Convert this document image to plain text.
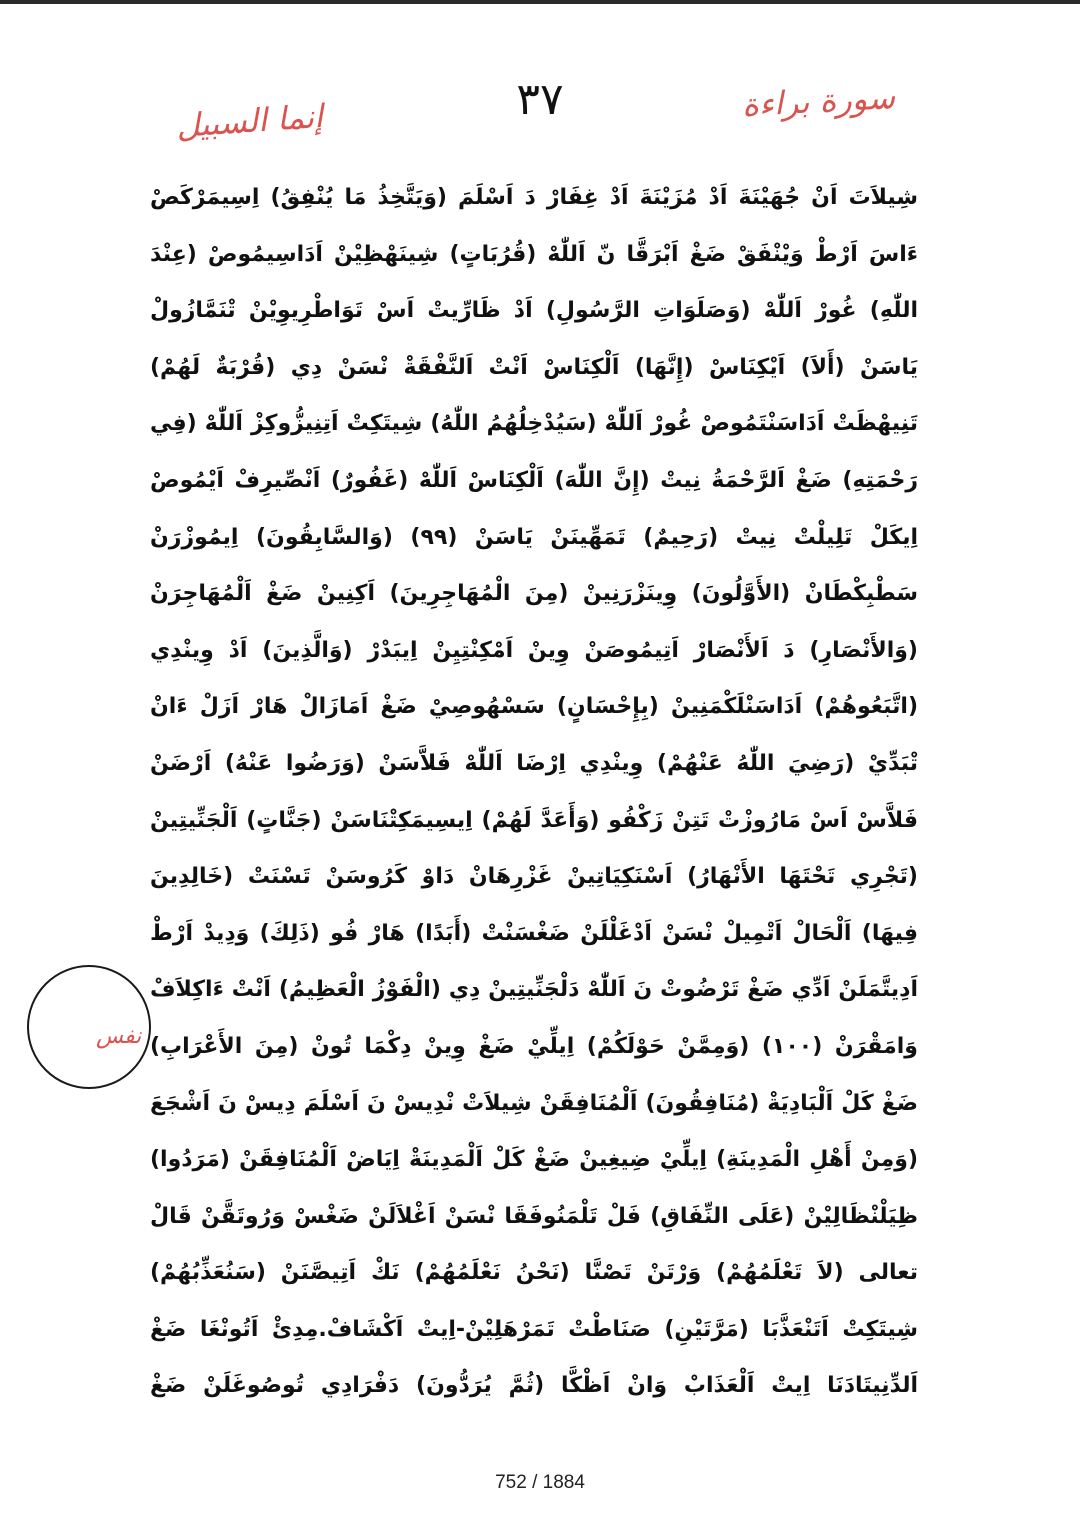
سورة براءة
٣٧
إنما السبيل
شِيلاَتَ اَنْ جُهَيْنَةَ اَدْ مُزَيْنَةَ اَدْ غِفَارْ دَ اَسْلَمَ (وَيَتَّخِذُ مَا يُنْفِقُ) اِسِيمَرْكَصْ
ءَاسَ اَرْطْ وَيْنْفَقْ ضَغْ اَبْرَقَّا نّ اَللّٰهْ (قُرُبَاتٍ) شِينَهْظِيْنْ اَدَاسِيمُوصْ (عِنْدَ
اللّٰهِ) غُورْ اَللّٰهْ (وَصَلَوَاتِ الرَّسُولِ) اَدْ ظَارِّيتْ اَسْ تَوَاطْرِيوِيْنْ تْنَمَّازُولْ
يَاسَنْ (أَلاَ) اَيْكِنَاسْ (إِنَّهَا) اَلْكِنَاسْ اَنْتْ اَلنَّفْقَةْ نْسَنْ دِي (قُرْبَةٌ لَهُمْ)
تَنِيهْظَتْ اَدَاسَنْتَمُوصْ غُورْ اَللّٰهْ (سَيُدْخِلُهُمُ اللّٰهُ) شِيتَكِتْ اَتِنِيزُّوكِزْ اَللّٰهْ (فِي
رَحْمَتِهِ) ضَغْ اَلرَّحْمَةُ نِيتْ (إِنَّ اللّٰهَ) اَلْكِنَاسْ اَللّٰهْ (غَفُورٌ) اَنْصِّيرِفْ اَيْمُوصْ
اِيكَلْ تَلِيلْتْ نِيتْ (رَحِيمٌ) تَمَهِّينَنْ يَاسَنْ (٩٩) (وَالسَّابِقُونَ) اِيمُوزْرَنْ
سَطْبِكْطَانْ (الأَوَّلُونَ) وِينَزْرَنِينْ (مِنَ الْمُهَاجِرِينَ) اَكِنِينْ ضَغْ اَلْمُهَاجِرَنْ
(وَالأَنْصَارِ) دَ اَلأَنْصَارْ اَتِيمُوصَنْ وِينْ اَمْكِنْتِيِنْ اِيبَدْرْ (وَالَّذِينَ) اَدْ وِينْدِي
(اتَّبَعُوهُمْ) اَدَاسَنْلَكْمَنِينْ (بِإِحْسَانٍ) سَسْهُوصِيْ ضَغْ اَمَازَالْ هَارْ اَزَلْ ءَانْ
تْبَدِّيْ (رَضِيَ اللّٰهُ عَنْهُمْ) وِينْدِي اِرْضَا اَللّٰهْ فَلاَّسَنْ (وَرَضُوا عَنْهُ) اَرْضَنْ
فَلاَّسْ اَسْ مَارُوزْتْ تَتِنْ زَكْفُو (وَأَعَدَّ لَهُمْ) اِيسِيمَكِتْنَاسَنْ (جَنَّاتٍ) اَلْجَنِّيتِينْ
(تَجْرِي تَحْتَهَا الأَنْهَارُ) اَسْنَكِيَاتِينْ غَزْرِهَانْ دَاوْ كَرُوسَنْ تَسْنَتْ (خَالِدِينَ
فِيهَا) اَلْحَالْ اَتْمِيلْ نْسَنْ اَدْغَلْلَنْ ضَغْسَنْتْ (أَبَدًا) هَارْ فُو (ذَلِكَ) وَدِيدْ اَرْطْ
اَدِيتَّمَلَنْ اَدِّي ضَغْ تَرْضُوتْ نَ اَللّٰهْ دَلْجَنِّيتِينْ دِي (الْفَوْزُ الْعَظِيمُ) اَنْتْ ءَاكِلاَفْ
وَامَقْرَنْ (١٠٠) (وَمِمَّنْ حَوْلَكُمْ) اِيلِّيْ ضَغْ وِينْ دِكْمَا تُونْ (مِنَ الأَعْرَابِ)
ضَغْ كَلْ اَلْبَادِيَةْ (مُنَافِقُونَ) اَلْمُنَافِقَنْ شِيلاَتْ نْدِيسْ نَ اَسْلَمَ دِيسْ نَ اَشْجَعَ
(وَمِنْ أَهْلِ الْمَدِينَةِ) اِيلِّيْ ضِيغِينْ ضَغْ كَلْ اَلْمَدِينَةْ اِيَاضْ اَلْمُنَافِقَنْ (مَرَدُوا)
ظِيَلْنْظَالِيْنْ (عَلَى النِّفَاقِ) فَلْ تَلْمَنُوفَقَا نْسَنْ اَغْلاَلَنْ ضَغْسْ وَرُوتَقَّنْ قَالْ
تعالى (لاَ تَعْلَمُهُمْ) وَرْتَنْ تَصْنَّا (نَحْنُ نَعْلَمُهُمْ) نَكْ اَتِيصَّنَنْ (سَنُعَذِّبُهُمْ)
شِيتَكِتْ اَتَنْعَذَّبَا (مَرَّتَيْنِ) صَنَاطْتْ تَمَرْهَلِيْنْ-اِيتْ اَكْشَافْ.مِدِئْ اَتُونْغَا ضَغْ
اَلدِّنِيتَادَنَا اِيتْ اَلْعَذَابْ وَانْ اَظْكَّا (ثُمَّ يُرَدُّونَ) دَفْرَادِي تُوصُوغَلَنْ ضَغْ
نفس
752 / 1884
